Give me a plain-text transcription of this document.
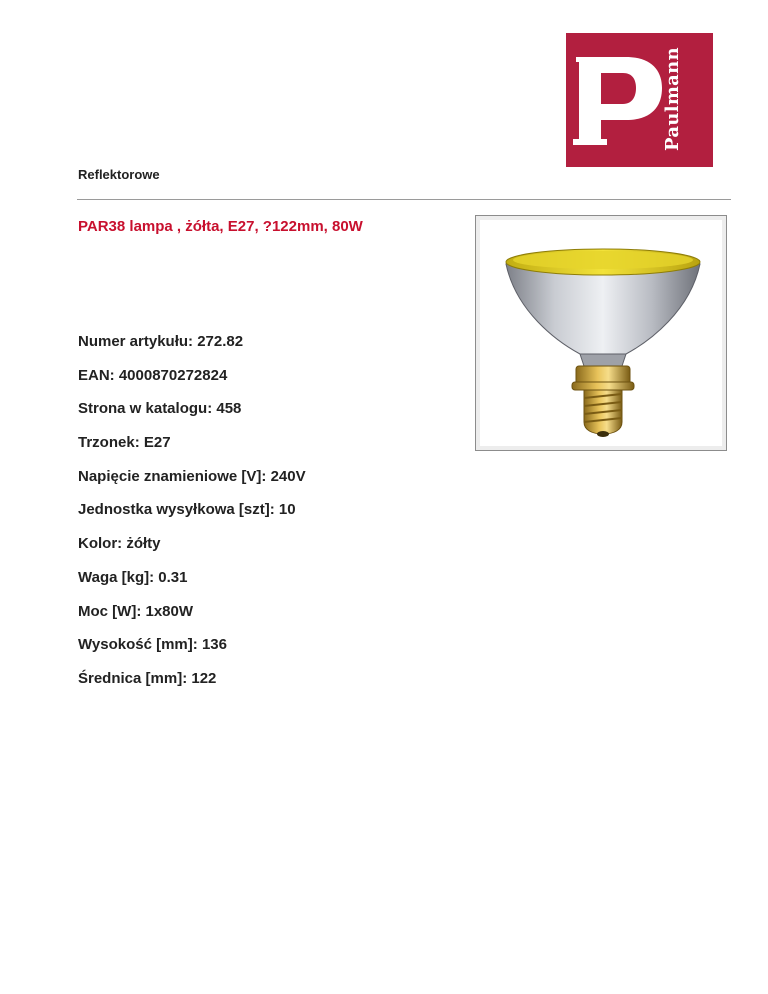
Paulmann
Reflektorowe
PAR38 lampa , żółta, E27, ?122mm, 80W
Numer artykułu: 272.82
EAN: 4000870272824
Strona w katalogu: 458
Trzonek: E27
Napięcie znamieniowe [V]: 240V
Jednostka wysyłkowa [szt]: 10
Kolor: żółty
Waga [kg]: 0.31
Moc [W]: 1x80W
Wysokość [mm]: 136
Średnica [mm]: 122
